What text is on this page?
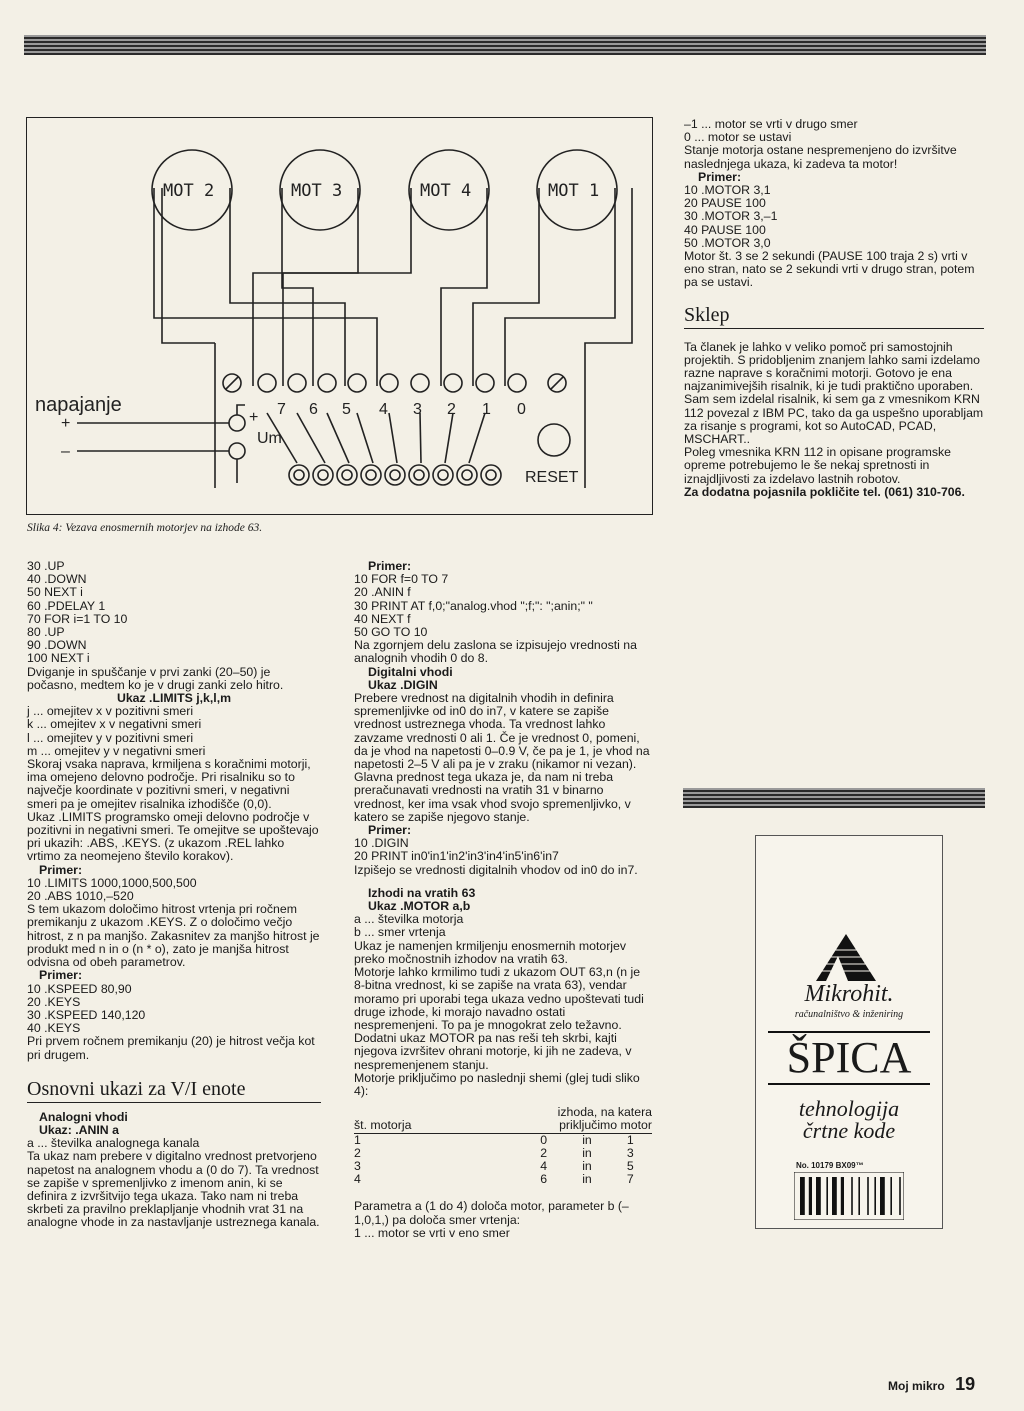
MOT 2	MOT 3	MOT 4	MOT 1
7 6 5 4 3 2 1 0
napajanje
+
–
+
Um
RESET
Slika 4: Vezava enosmernih motorjev na izhode 63.
30 .UP
40 .DOWN
50 NEXT i
60 .PDELAY 1
70 FOR i=1 TO 10
80 .UP
90 .DOWN
100 NEXT i

Dviganje in spuščanje v prvi zanki (20–50) je počasno, medtem ko je v drugi zanki zelo hitro.

Ukaz .LIMITS j,k,l,m

j ... omejitev x v pozitivni smeri
k ... omejitev x v negativni smeri
l ... omejitev y v pozitivni smeri
m ... omejitev y v negativni smeri

Skoraj vsaka naprava, krmiljena s koračnimi motorji, ima omejeno delovno področje. Pri risalniku so to največje koordinate v pozitivni smeri, v negativni smeri pa je omejitev risalnika izhodišče (0,0).

Ukaz .LIMITS programsko omeji delovno področje v pozitivni in negativni smeri. Te omejitve se upoštevajo pri ukazih: .ABS, .KEYS. (z ukazom .REL lahko vrtimo za neomejeno število korakov).

Primer:

10 .LIMITS 1000,1000,500,500
20 .ABS 1010,–520

S tem ukazom določimo hitrost vrtenja pri ročnem premikanju z ukazom .KEYS. Z o določimo večjo hitrost, z n pa manjšo. Zakasnitev za manjšo hitrost je produkt med n in o (n * o), zato je manjša hitrost odvisna od obeh parametrov.

Primer:

10 .KSPEED 80,90
20 .KEYS
30 .KSPEED 140,120
40 .KEYS

Pri prvem ročnem premikanju (20) je hitrost večja kot pri drugem.

Osnovni ukazi za V/I enote

Analogni vhodi

Ukaz: .ANIN a

a ... številka analognega kanala

Ta ukaz nam prebere v digitalno vrednost pretvorjeno napetost na analognem vhodu a (0 do 7). Ta vrednost se zapiše v spremenljivko z imenom anin, ki se definira z izvršitvijo tega ukaza. Tako nam ni treba skrbeti za pravilno preklapljanje vhodnih vrat 31 na analogne vhode in za nastavljanje ustreznega kanala.

Primer:

10 FOR f=0 TO 7
20 .ANIN f
30 PRINT AT f,0;"analog.vhod ";f;": ";anin;" "
40 NEXT f
50 GO TO 10

Na zgornjem delu zaslona se izpisujejo vrednosti na analognih vhodih 0 do 8.

Digitalni vhodi

Ukaz .DIGIN

Prebere vrednost na digitalnih vhodih in definira spremenljivke od in0 do in7, v katere se zapiše vrednost ustreznega vhoda. Ta vrednost lahko zavzame vrednosti 0 ali 1. Če je vrednost 0, pomeni, da je vhod na napetosti 0–0.9 V, če pa je 1, je vhod na napetosti 2–5 V ali pa je v zraku (nikamor ni vezan). Glavna prednost tega ukaza je, da nam ni treba preračunavati vrednosti na vratih 31 v binarno vrednost, ker ima vsak vhod svojo spremenljivko, v katero se zapiše njegovo stanje.

Primer:

10 .DIGIN
20 PRINT in0'in1'in2'in3'in4'in5'in6'in7

Izpišejo se vrednosti digitalnih vhodov od in0 do in7.

Izhodi na vratih 63

Ukaz .MOTOR a,b

a ... številka motorja
b ... smer vrtenja

Ukaz je namenjen krmiljenju enosmernih motorjev preko močnostnih izhodov na vratih 63.

Motorje lahko krmilimo tudi z ukazom OUT 63,n (n je 8-bitna vrednost, ki se zapiše na vrata 63), vendar moramo pri uporabi tega ukaza vedno upoštevati tudi druge izhode, ki morajo navadno ostati nespremenjeni. To pa je mnogokrat zelo težavno. Dodatni ukaz MOTOR pa nas reši teh skrbi, kajti njegova izvršitev ohrani motorje, ki jih ne zadeva, v nespremenjenem stanju.

Motorje priključimo po naslednji shemi (glej tudi sliko 4):

št. motorja	izhoda, na katera priključimo motor		
1	0	in	1
2	2	in	3
3	4	in	5
4	6	in	7

Parametra a (1 do 4) določa motor, parameter b (– 1,0,1,) pa določa smer vrtenja:

1 ... motor se vrti v eno smer

–1 ... motor se vrti v drugo smer
0 ... motor se ustavi

Stanje motorja ostane nespremenjeno do izvršitve naslednjega ukaza, ki zadeva ta motor!

Primer:

10 .MOTOR 3,1
20 PAUSE 100
30 .MOTOR 3,–1
40 PAUSE 100
50 .MOTOR 3,0

Motor št. 3 se 2 sekundi (PAUSE 100 traja 2 s) vrti v eno stran, nato se 2 sekundi vrti v drugo stran, potem pa se ustavi.

Sklep

Ta članek je lahko v veliko pomoč pri samostojnih projektih. S pridobljenim znanjem lahko sami izdelamo razne naprave s koračnimi motorji. Gotovo je ena najzanimivejših risalnik, ki je tudi praktično uporaben. Sam sem izdelal risalnik, ki sem ga z vmesnikom KRN 112 povezal z IBM PC, tako da ga uspešno uporabljam za risanje s programi, kot so AutoCAD, PCAD, MSCHART..

Poleg vmesnika KRN 112 in opisane programske opreme potrebujemo le še nekaj spretnosti in iznajdljivosti za izdelavo lastnih robotov.

Za dodatna pojasnila pokličite tel. (061) 310-706.

Mikrohit.
računalništvo & inženiring
ŠPICA
tehnologija
črtne kode
No. 10179 BX09™
Moj mikro 19
